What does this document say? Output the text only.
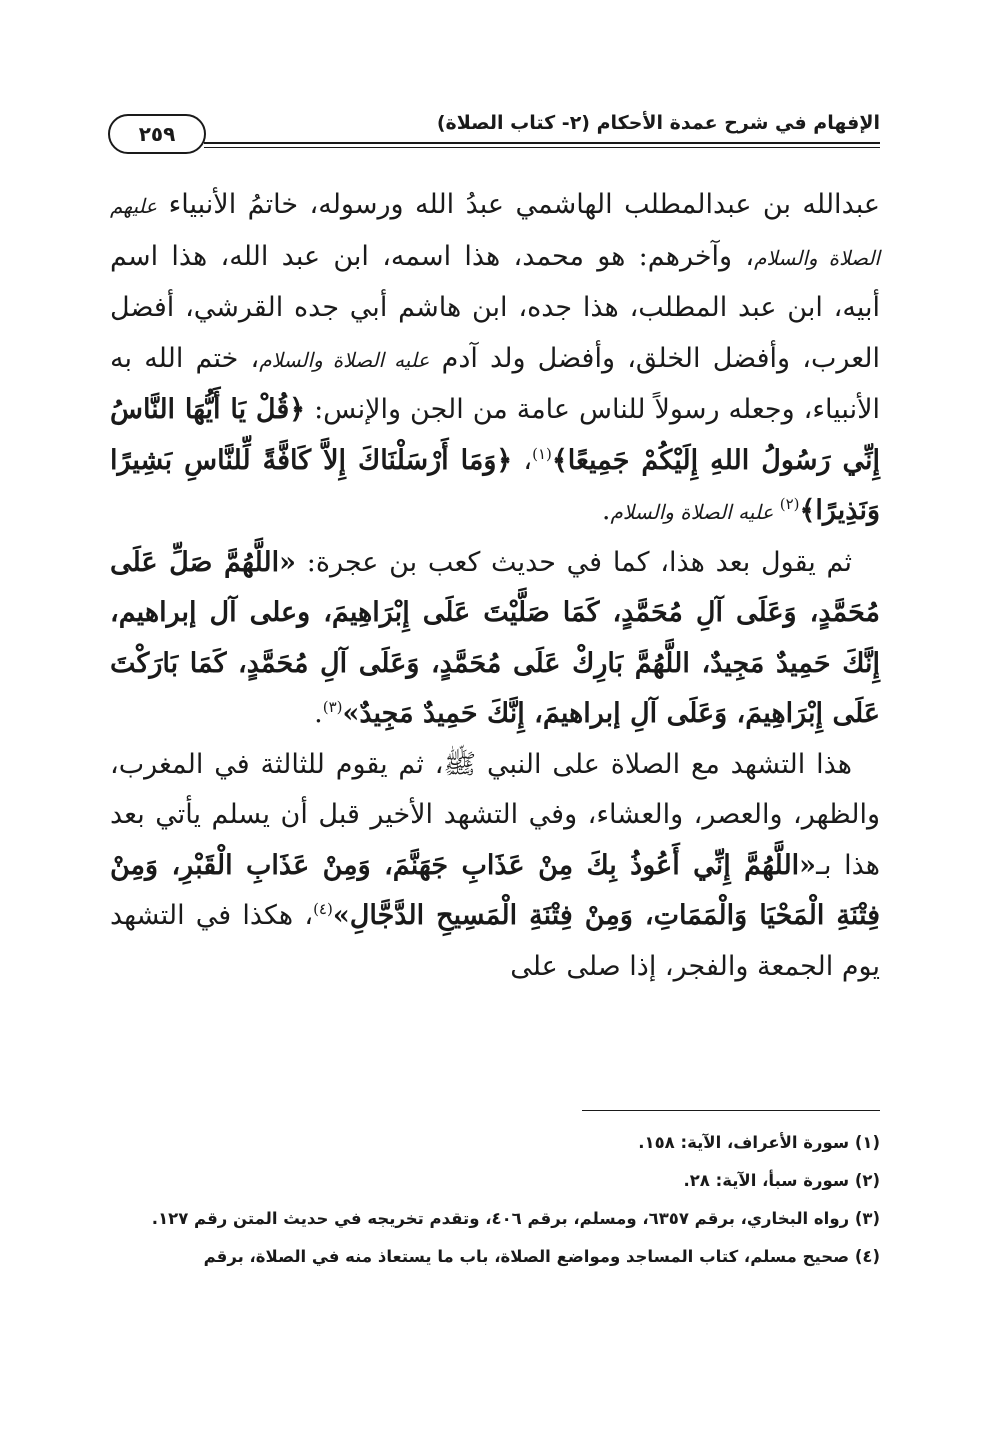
٢٥٩	الإفهام في شرح عمدة الأحكام (٢- كتاب الصلاة)

عبدالله بن عبدالمطلب الهاشمي عبدُ الله ورسوله، خاتمُ الأنبياء عليهم الصلاة والسلام، وآخرهم: هو محمد، هذا اسمه، ابن عبد الله، هذا اسم أبيه، ابن عبد المطلب، هذا جده، ابن هاشم أبي جده القرشي، أفضل العرب، وأفضل الخلق، وأفضل ولد آدم عليه الصلاة والسلام، ختم الله به الأنبياء، وجعله رسولاً للناس عامة من الجن والإنس: ﴿قُلْ يَا أَيُّهَا النَّاسُ إِنِّي رَسُولُ اللهِ إِلَيْكُمْ جَمِيعًا﴾$^{(١)}$، ﴿وَمَا أَرْسَلْنَاكَ إِلاَّ كَافَّةً لِّلنَّاسِ بَشِيرًا وَنَذِيرًا﴾$^{(٢)}$ عليه الصلاة والسلام.

ثم يقول بعد هذا، كما في حديث كعب بن عجرة: «اللَّهُمَّ صَلِّ عَلَى مُحَمَّدٍ، وَعَلَى آلِ مُحَمَّدٍ، كَمَا صَلَّيْتَ عَلَى إِبْرَاهِيمَ، وعلى آل إبراهيم، إِنَّكَ حَمِيدٌ مَجِيدٌ، اللَّهُمَّ بَارِكْ عَلَى مُحَمَّدٍ، وَعَلَى آلِ مُحَمَّدٍ، كَمَا بَارَكْتَ عَلَى إِبْرَاهِيمَ، وَعَلَى آلِ إبراهيمَ، إِنَّكَ حَمِيدٌ مَجِيدٌ»$^{(٣)}$.

هذا التشهد مع الصلاة على النبي ﷺ، ثم يقوم للثالثة في المغرب، والظهر، والعصر، والعشاء، وفي التشهد الأخير قبل أن يسلم يأتي بعد هذا بـ«اللَّهُمَّ إِنِّي أَعُوذُ بِكَ مِنْ عَذَابِ جَهَنَّمَ، وَمِنْ عَذَابِ الْقَبْرِ، وَمِنْ فِتْنَةِ الْمَحْيَا وَالْمَمَاتِ، وَمِنْ فِتْنَةِ الْمَسِيحِ الدَّجَّالِ»$^{(٤)}$، هكذا في التشهد يوم الجمعة والفجر، إذا صلى على

(١) سورة الأعراف، الآية: ١٥٨.
(٢) سورة سبأ، الآية: ٢٨.
(٣) رواه البخاري، برقم ٦٣٥٧، ومسلم، برقم ٤٠٦، وتقدم تخريجه في حديث المتن رقم ١٢٧.
(٤) صحيح مسلم، كتاب المساجد ومواضع الصلاة، باب ما يستعاذ منه في الصلاة، برقم
